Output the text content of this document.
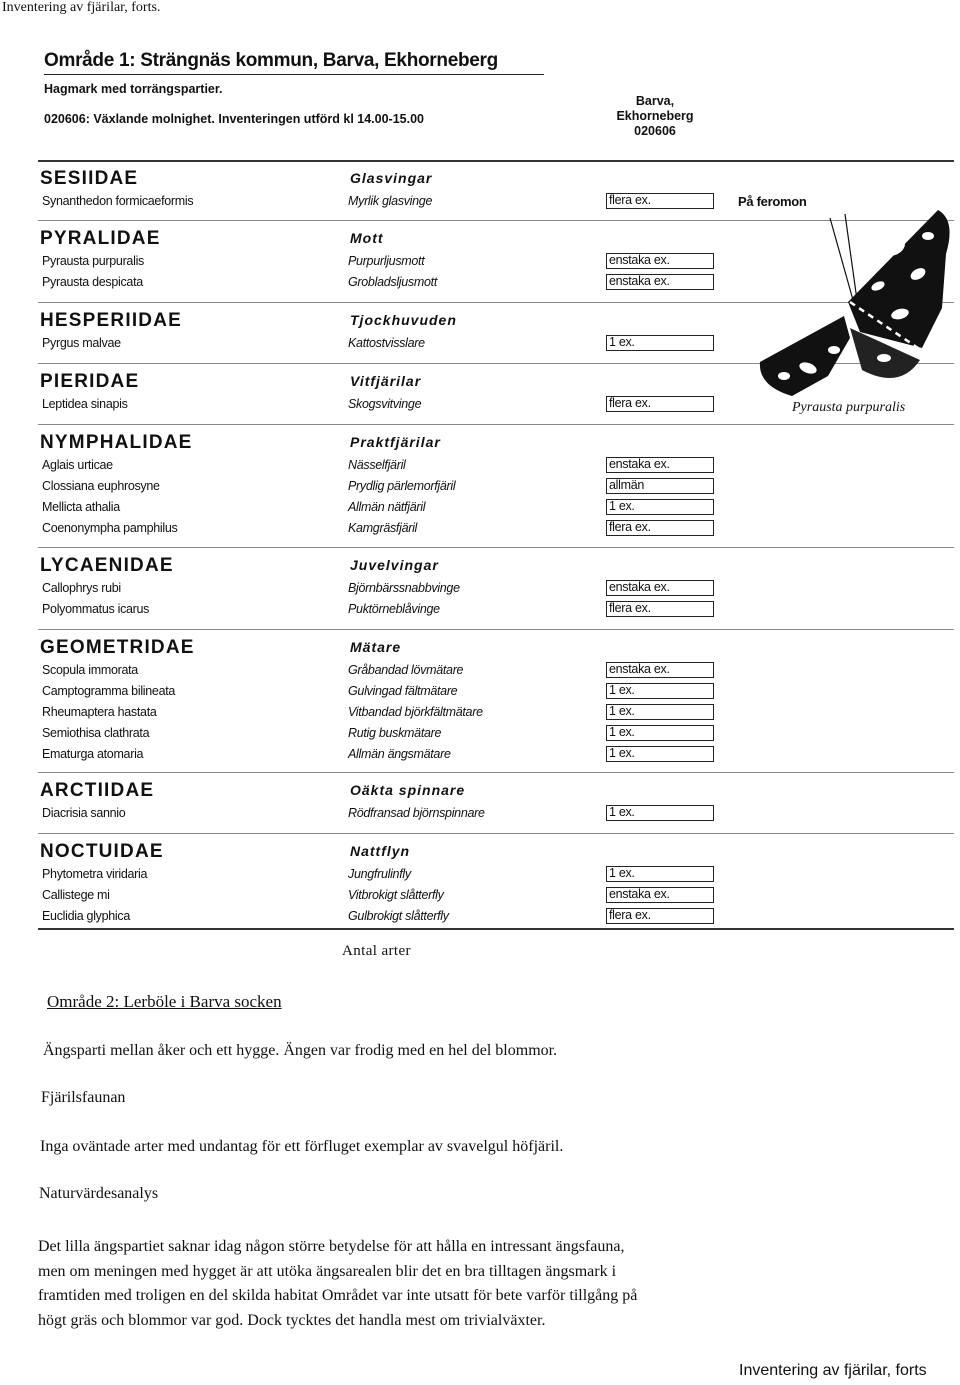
Inventering av fjärilar, forts.
Område 1: Strängnäs kommun, Barva, Ekhorneberg
Hagmark med torrängspartier.
020606: Växlande molnighet. Inventeringen utförd kl 14.00-15.00
Barva,
Ekhorneberg
020606
SESIIDAE	Glasvingar
Synanthedon formicaeformis	Myrlik glasvinge	flera ex.
PYRALIDAE	Mott
Pyrausta purpuralis	Purpurljusmott	enstaka ex.
Pyrausta despicata	Grobladsljusmott	enstaka ex.
HESPERIIDAE	Tjockhuvuden
Pyrgus malvae	Kattostvisslare	1 ex.
PIERIDAE	Vitfjärilar
Leptidea sinapis	Skogsvitvinge	flera ex.
NYMPHALIDAE	Praktfjärilar
Aglais urticae	Nässelfjäril	enstaka ex.
Clossiana euphrosyne	Prydlig pärlemorfjäril	allmän
Mellicta athalia	Allmän nätfjäril	1 ex.
Coenonympha pamphilus	Kamgräsfjäril	flera ex.
LYCAENIDAE	Juvelvingar
Callophrys rubi	Björnbärssnabbvinge	enstaka ex.
Polyommatus icarus	Puktörneblåvinge	flera ex.
GEOMETRIDAE	Mätare
Scopula immorata	Gråbandad lövmätare	enstaka ex.
Camptogramma bilineata	Gulvingad fältmätare	1 ex.
Rheumaptera hastata	Vitbandad björkfältmätare	1 ex.
Semiothisa clathrata	Rutig buskmätare	1 ex.
Ematurga atomaria	Allmän ängsmätare	1 ex.
ARCTIIDAE	Oäkta spinnare
Diacrisia sannio	Rödfransad björnspinnare	1 ex.
NOCTUIDAE	Nattflyn
Phytometra viridaria	Jungfrulinfly	1 ex.
Callistege mi	Vitbrokigt slåtterfly	enstaka ex.
Euclidia glyphica	Gulbrokigt slåtterfly	flera ex.
På feromon
Pyrausta purpuralis
Antal arter
Område 2: Lerböle i Barva socken
Ängsparti mellan åker och ett hygge. Ängen var frodig med en hel del blommor.
Fjärilsfaunan
Inga oväntade arter med undantag för ett förfluget exemplar av svavelgul höfjäril.
Naturvärdesanalys
Det lilla ängspartiet saknar idag någon större betydelse för att hålla en intressant ängsfauna,
men om meningen med hygget är att utöka ängsarealen blir det en bra tilltagen ängsmark i
framtiden med troligen en del skilda habitat Området var inte utsatt för bete varför tillgång på
högt gräs och blommor var god. Dock tycktes det handla mest om trivialväxter.
Inventering av fjärilar, forts
